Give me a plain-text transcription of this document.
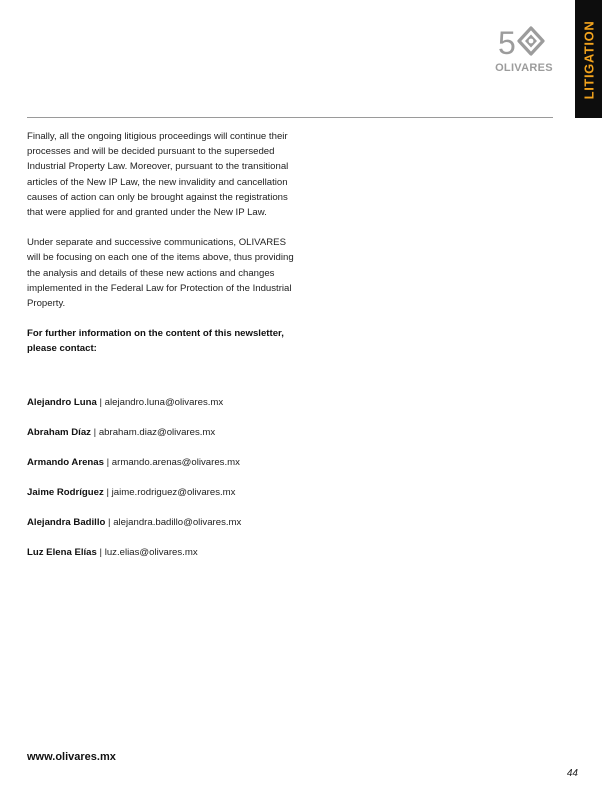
LITIGATION
5
OLIVARES

Finally, all the ongoing litigious proceedings will continue their processes and will be decided pursuant to the superseded Industrial Property Law. Moreover, pursuant to the transitional articles of the New IP Law, the new invalidity and cancellation causes of action can only be brought against the registrations that were applied for and granted under the New IP Law.

Under separate and successive communications, OLIVARES will be focusing on each one of the items above, thus providing the analysis and details of these new actions and changes implemented in the Federal Law for Protection of the Industrial Property.

For further information on the content of this newsletter, please contact:

Alejandro Luna | alejandro.luna@olivares.mx
Abraham Díaz | abraham.diaz@olivares.mx
Armando Arenas | armando.arenas@olivares.mx
Jaime Rodríguez | jaime.rodriguez@olivares.mx
Alejandra Badillo | alejandra.badillo@olivares.mx
Luz Elena Elías | luz.elias@olivares.mx
www.olivares.mx
44
